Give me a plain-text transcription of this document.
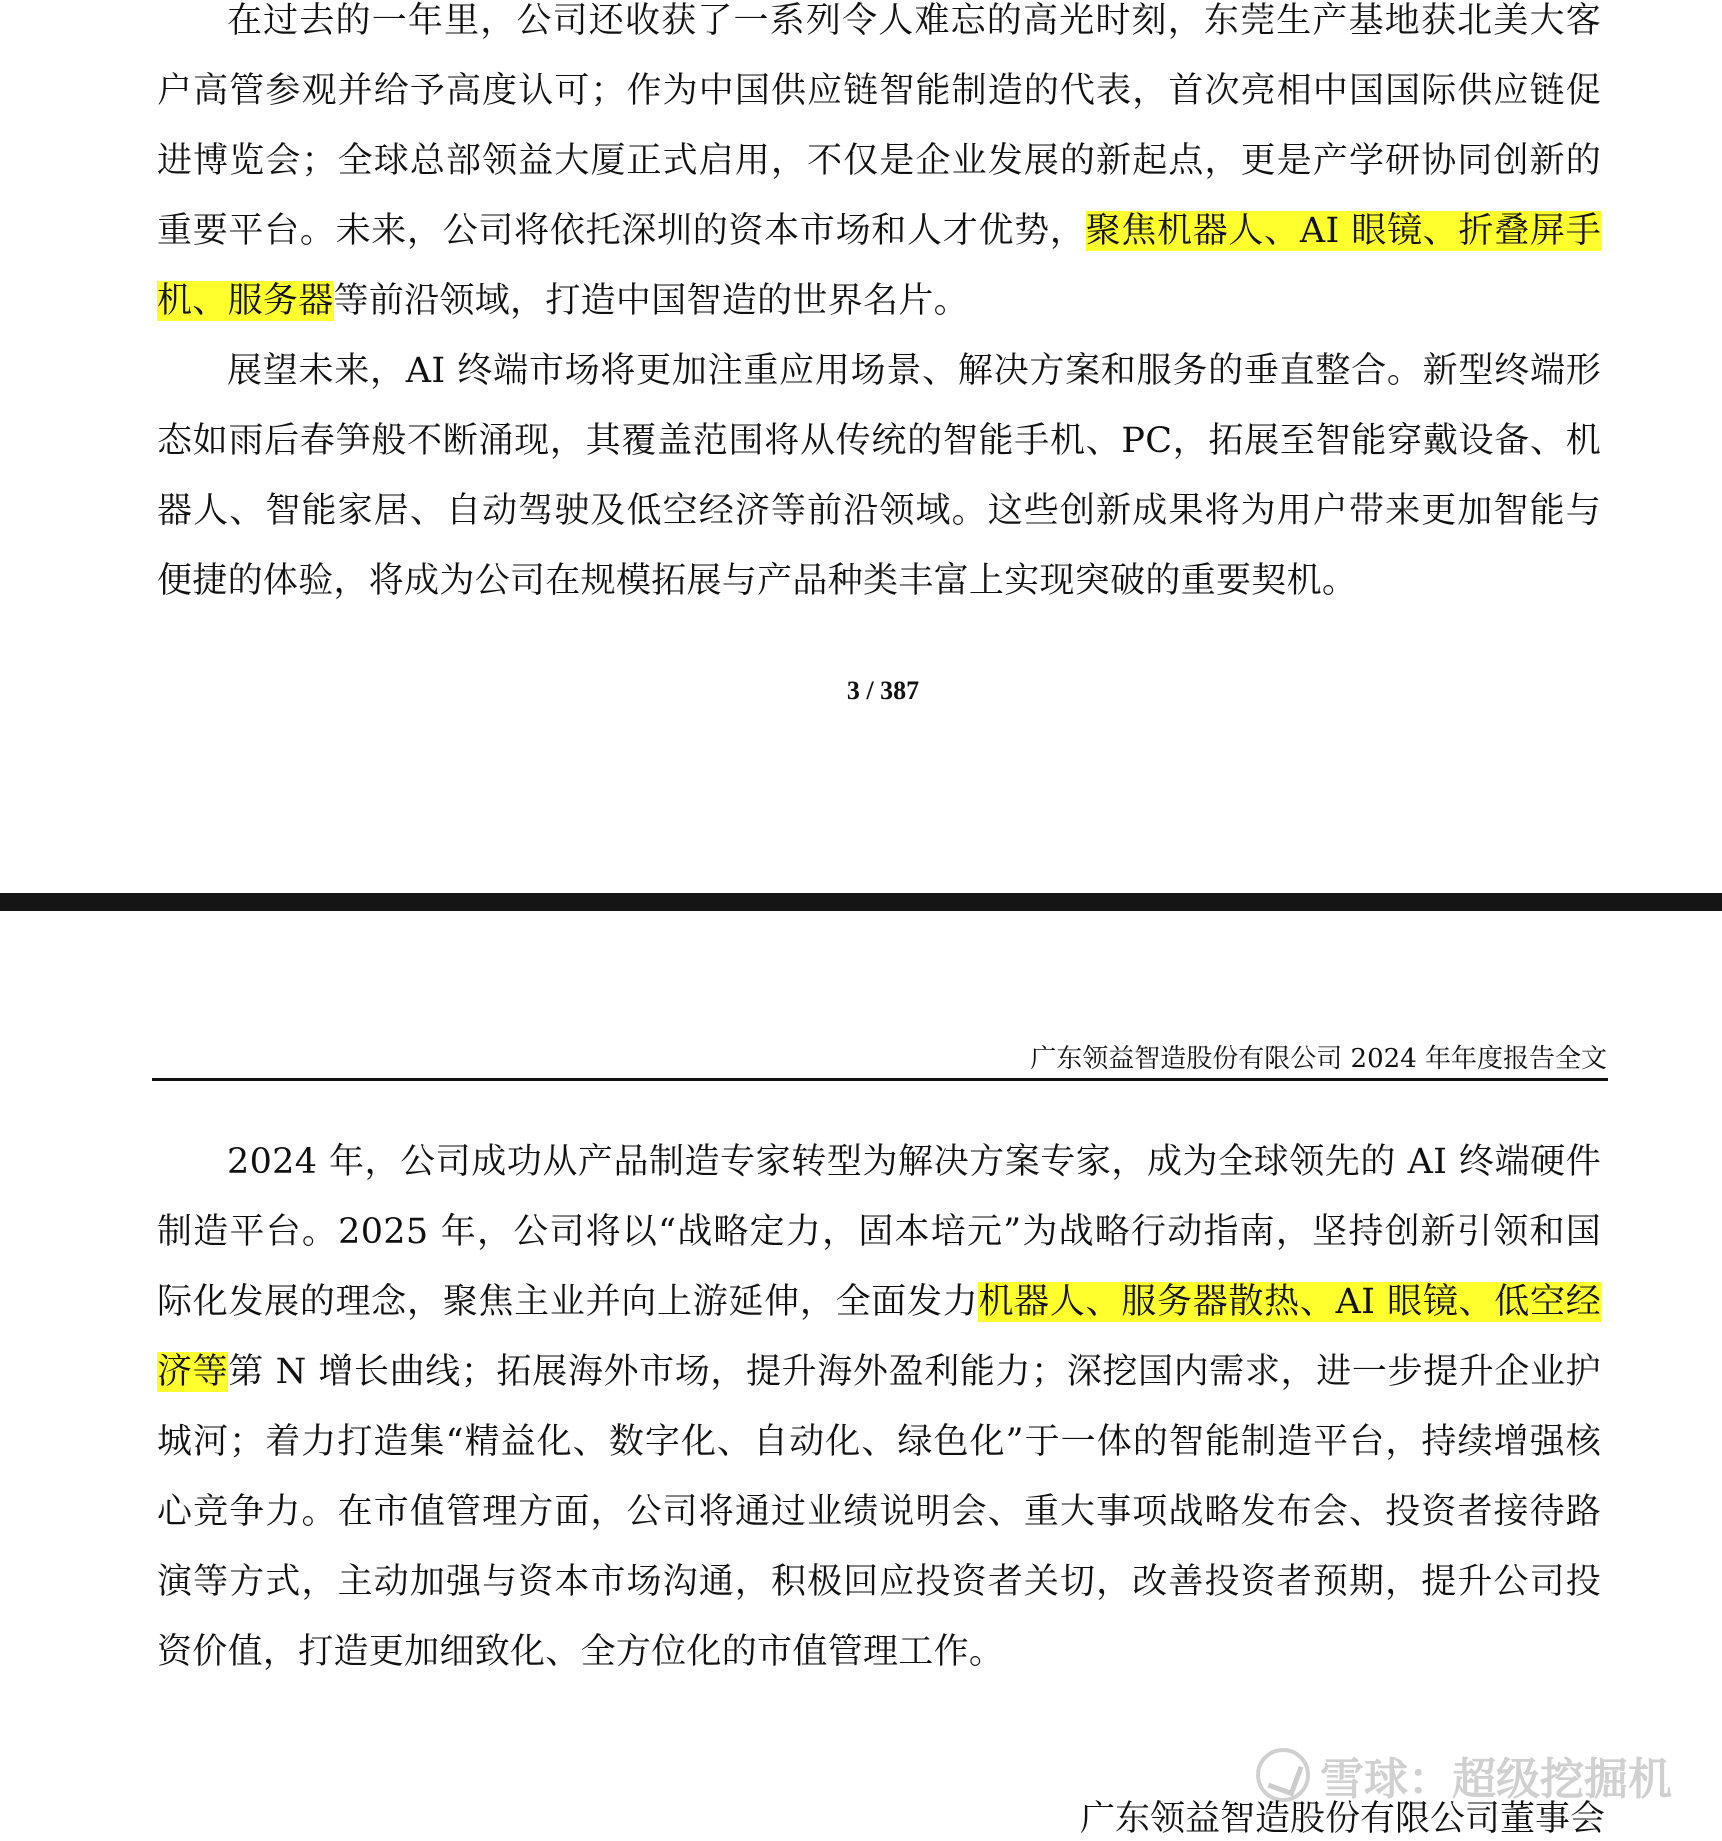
在过去的一年里，公司还收获了一系列令人难忘的高光时刻，东莞生产基地获北美大客户高管参观并给予高度认可；作为中国供应链智能制造的代表，首次亮相中国国际供应链促进博览会；全球总部领益大厦正式启用，不仅是企业发展的新起点，更是产学研协同创新的重要平台。未来，公司将依托深圳的资本市场和人才优势，聚焦机器人、AI 眼镜、折叠屏手机、服务器等前沿领域，打造中国智造的世界名片。

展望未来，AI 终端市场将更加注重应用场景、解决方案和服务的垂直整合。新型终端形态如雨后春笋般不断涌现，其覆盖范围将从传统的智能手机、PC，拓展至智能穿戴设备、机器人、智能家居、自动驾驶及低空经济等前沿领域。这些创新成果将为用户带来更加智能与便捷的体验，将成为公司在规模拓展与产品种类丰富上实现突破的重要契机。

3 / 387
广东领益智造股份有限公司 2024 年年度报告全文

2024 年，公司成功从产品制造专家转型为解决方案专家，成为全球领先的 AI 终端硬件制造平台。2025 年，公司将以“战略定力，固本培元”为战略行动指南，坚持创新引领和国际化发展的理念，聚焦主业并向上游延伸，全面发力机器人、服务器散热、AI 眼镜、低空经济等第 N 增长曲线；拓展海外市场，提升海外盈利能力；深挖国内需求，进一步提升企业护城河；着力打造集“精益化、数字化、自动化、绿色化”于一体的智能制造平台，持续增强核心竞争力。在市值管理方面，公司将通过业绩说明会、重大事项战略发布会、投资者接待路演等方式，主动加强与资本市场沟通，积极回应投资者关切，改善投资者预期，提升公司投资价值，打造更加细致化、全方位化的市值管理工作。

雪球：超级挖掘机
广东领益智造股份有限公司董事会
